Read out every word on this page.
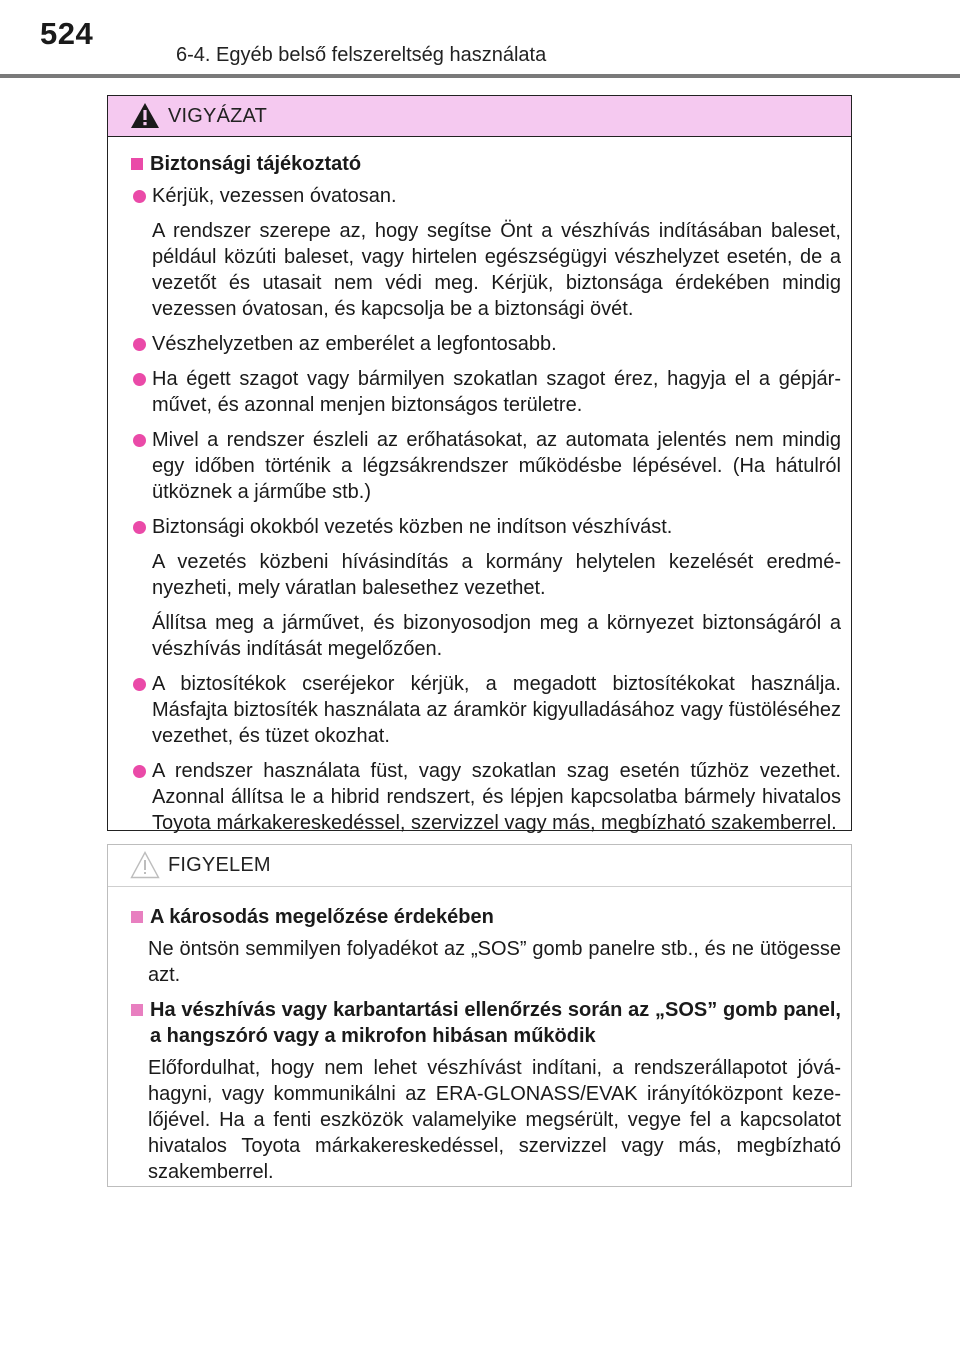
524
6-4. Egyéb belső felszereltség használata
VIGYÁZAT
Biztonsági tájékoztató
Kérjük, vezessen óvatosan.
A rendszer szerepe az, hogy segítse Önt a vészhívás indításában baleset, például közúti baleset, vagy hirtelen egészségügyi vészhelyzet esetén, de a vezetőt és utasait nem védi meg. Kérjük, biztonsága érdekében mindig vezessen óvatosan, és kapcsolja be a biztonsági övét.
Vészhelyzetben az emberélet a legfontosabb.
Ha égett szagot vagy bármilyen szokatlan szagot érez, hagyja el a gépjárművet, és azonnal menjen biztonságos területre.
Mivel a rendszer észleli az erőhatásokat, az automata jelentés nem mindig egy időben történik a légzsákrendszer működésbe lépésével. (Ha hátulról ütköznek a járműbe stb.)
Biztonsági okokból vezetés közben ne indítson vészhívást.
A vezetés közbeni hívásindítás a kormány helytelen kezelését eredményezheti, mely váratlan balesethez vezethet.
Állítsa meg a járművet, és bizonyosodjon meg a környezet biztonságáról a vészhívás indítását megelőzően.
A biztosítékok cseréjekor kérjük, a megadott biztosítékokat használja. Másfajta biztosíték használata az áramkör kigyulladásához vagy füstöléséhez vezethet, és tüzet okozhat.
A rendszer használata füst, vagy szokatlan szag esetén tűzhöz vezethet. Azonnal állítsa le a hibrid rendszert, és lépjen kapcsolatba bármely hivatalos Toyota márkakereskedéssel, szervizzel vagy más, megbízható szakemberrel.
FIGYELEM
A károsodás megelőzése érdekében
Ne öntsön semmilyen folyadékot az „SOS” gomb panelre stb., és ne ütögesse azt.
Ha vészhívás vagy karbantartási ellenőrzés során az „SOS” gomb panel, a hangszóró vagy a mikrofon hibásan működik
Előfordulhat, hogy nem lehet vészhívást indítani, a rendszerállapotot jóváhagyni, vagy kommunikálni az ERA-GLONASS/EVAK irányítóközpont kezelőjével. Ha a fenti eszközök valamelyike megsérült, vegye fel a kapcsolatot hivatalos Toyota márkakereskedéssel, szervizzel vagy más, megbízható szakemberrel.
